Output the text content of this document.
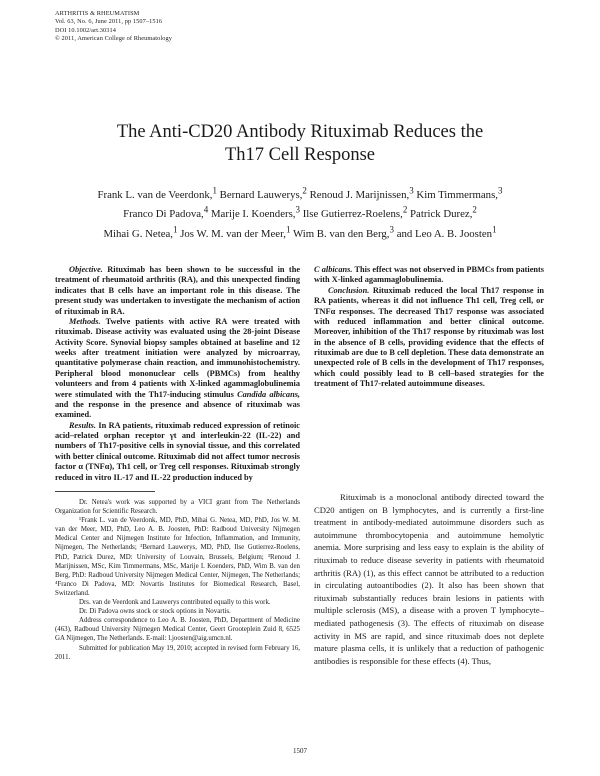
ARTHRITIS & RHEUMATISM
Vol. 63, No. 6, June 2011, pp 1507–1516
DOI 10.1002/art.30314
© 2011, American College of Rheumatology
The Anti-CD20 Antibody Rituximab Reduces the
Th17 Cell Response
Frank L. van de Veerdonk,$^1$ Bernard Lauwerys,$^2$ Renoud J. Marijnissen,$^3$ Kim Timmermans,$^3$
Franco Di Padova,$^4$ Marije I. Koenders,$^3$ Ilse Gutierrez-Roelens,$^2$ Patrick Durez,$^2$
Mihai G. Netea,$^1$ Jos W. M. van der Meer,$^1$ Wim B. van den Berg,$^3$ and Leo A. B. Joosten$^1$

Objective. Rituximab has been shown to be successful in the treatment of rheumatoid arthritis (RA), and this unexpected finding indicates that B cells have an important role in this disease. The present study was undertaken to investigate the mechanism of action of rituximab in RA.

Methods. Twelve patients with active RA were treated with rituximab. Disease activity was evaluated using the 28-joint Disease Activity Score. Synovial biopsy samples obtained at baseline and 12 weeks after treatment initiation were analyzed by microarray, quantitative polymerase chain reaction, and immunohistochemistry. Peripheral blood mononuclear cells (PBMCs) from healthy volunteers and from 4 patients with X-linked agammaglobulinemia were stimulated with the Th17-inducing stimulus Candida albicans, and the response in the presence and absence of rituximab was examined.

Results. In RA patients, rituximab reduced expression of retinoic acid–related orphan receptor γt and interleukin-22 (IL-22) and numbers of Th17-positive cells in synovial tissue, and this correlated with better clinical outcome. Rituximab did not affect tumor necrosis factor α (TNFα), Th1 cell, or Treg cell responses. Rituximab strongly reduced in vitro IL-17 and IL-22 production induced by

C albicans. This effect was not observed in PBMCs from patients with X-linked agammaglobulinemia.

Conclusion. Rituximab reduced the local Th17 response in RA patients, whereas it did not influence Th1 cell, Treg cell, or TNFα responses. The decreased Th17 response was associated with reduced inflammation and better clinical outcome. Moreover, inhibition of the Th17 response by rituximab was lost in the absence of B cells, providing evidence that the effects of rituximab are due to B cell depletion. These data demonstrate an unexpected role of B cells in the development of Th17 responses, which could possibly lead to B cell–based strategies for the treatment of Th17-related autoimmune diseases.

Dr. Netea's work was supported by a VICI grant from The Netherlands Organization for Scientific Research.

¹Frank L. van de Veerdonk, MD, PhD, Mihai G. Netea, MD, PhD, Jos W. M. van der Meer, MD, PhD, Leo A. B. Joosten, PhD: Radboud University Nijmegen Medical Center and Nijmegen Institute for Infection, Inflammation, and Immunity, Nijmegen, The Netherlands; ²Bernard Lauwerys, MD, PhD, Ilse Gutierrez-Roelens, PhD, Patrick Durez, MD: University of Louvain, Brussels, Belgium; ³Renoud J. Marijnissen, MSc, Kim Timmermans, MSc, Marije I. Koenders, PhD, Wim B. van den Berg, PhD: Radboud University Nijmegen Medical Center, Nijmegen, The Netherlands; ⁴Franco Di Padova, MD: Novartis Institutes for Biomedical Research, Basel, Switzerland.

Drs. van de Veerdonk and Lauwerys contributed equally to this work.

Dr. Di Padova owns stock or stock options in Novartis.

Address correspondence to Leo A. B. Joosten, PhD, Department of Medicine (463), Radboud University Nijmegen Medical Center, Geert Grooteplein Zuid 8, 6525 GA Nijmegen, The Netherlands. E-mail: l.joosten@aig.umcn.nl.

Submitted for publication May 19, 2010; accepted in revised form February 16, 2011.

Rituximab is a monoclonal antibody directed toward the CD20 antigen on B lymphocytes, and is currently a first-line treatment in antibody-mediated autoimmune disorders such as autoimmune thrombocytopenia and autoimmune hemolytic anemia. More surprising and less easy to explain is the ability of rituximab to reduce disease severity in patients with rheumatoid arthritis (RA) (1), as this effect cannot be attributed to a reduction in circulating autoantibodies (2). It also has been shown that rituximab substantially reduces brain lesions in patients with multiple sclerosis (MS), a disease with a proven T lymphocyte–mediated pathogenesis (3). The effects of rituximab on disease activity in MS are rapid, and since rituximab does not deplete mature plasma cells, it is unlikely that a reduction of pathogenic antibodies is responsible for these effects (4). Thus,

1507
